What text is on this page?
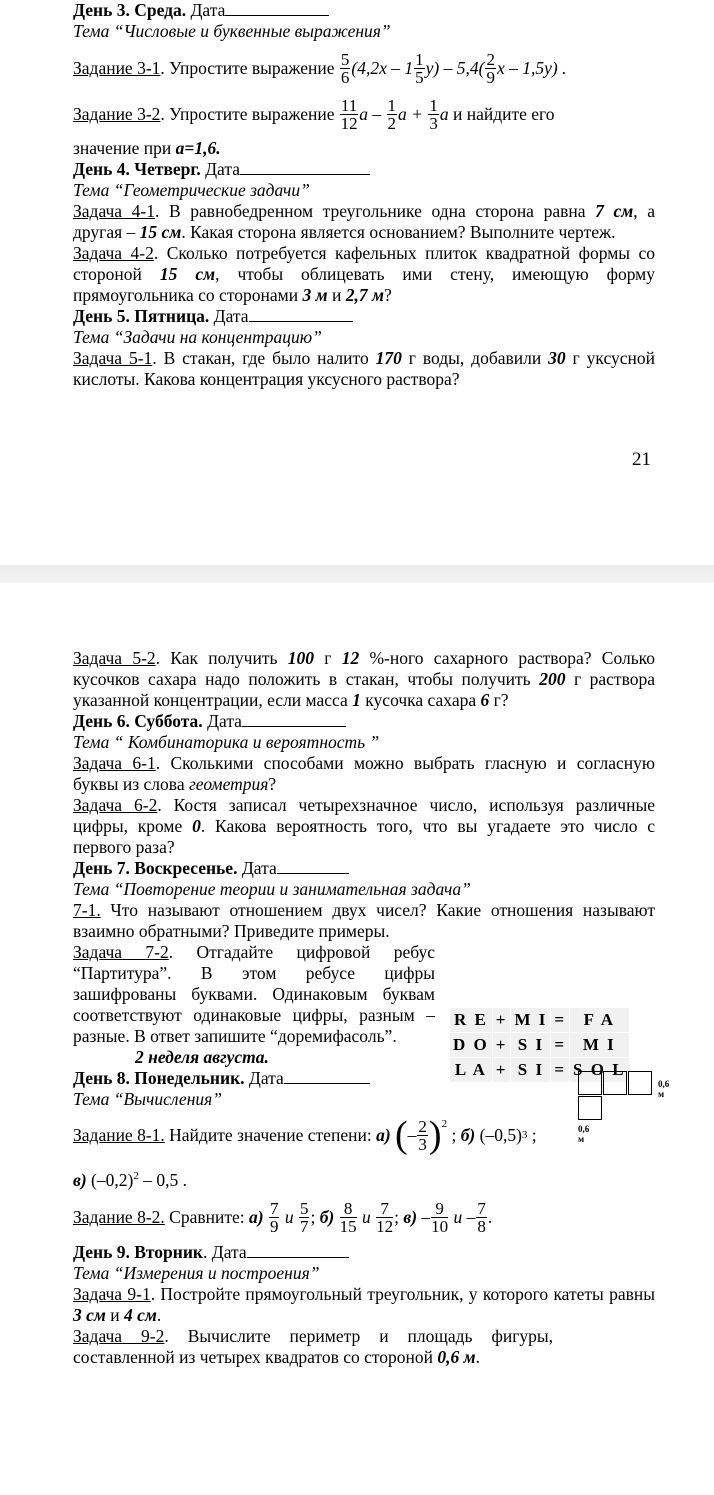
День 3. Среда. Дата
Тема “Числовые и буквенные выражения”
Задание 3-1 . Упростите выражение
$\frac{5}{6} (4,2x - 1 \frac{1}{5} y) - 5,4( \frac{2}{9}$ x – 1,5y) .
Задание 3-2 . Упростите выражение
$\frac{11}{12}$ a – $\frac{1}{2}$ $a + \frac{1}{3}$ a
и найдите его
значение при a=1,6.
День 4. Четверг. Дата
Тема “Геометрические задачи”
Задача 4-1. В равнобедренном треугольнике одна сторона равна 7 см, а другая – 15 см. Какая сторона является основанием? Выполните чертеж.
Задача 4-2. Сколько потребуется кафельных плиток квадратной формы со стороной 15 см, чтобы облицевать ими стену, имеющую форму прямоугольника со сторонами 3 м и 2,7 м?
День 5. Пятница. Дата
Тема “Задачи на концентрацию”
Задача 5-1. В стакан, где было налито 170 г воды, добавили 30 г уксусной кислоты. Какова концентрация уксусного раствора?
21
Задача 5-2. Как получить 100 г 12 %-ного сахарного раствора? Солько кусочков сахара надо положить в стакан, чтобы получить 200 г раствора указанной концентрации, если масса 1 кусочка сахара 6 г?
День 6. Суббота. Дата
Тема “ Комбинаторика и вероятность ”
Задача 6-1. Сколькими способами можно выбрать гласную и согласную буквы из слова геометрия?
Задача 6-2. Костя записал четырехзначное число, используя различные цифры, кроме 0. Какова вероятность того, что вы угадаете это число с первого раза?
День 7. Воскресенье. Дата
Тема “Повторение теории и занимательная задача”
7-1. Что называют отношением двух чисел? Какие отношения называют взаимно обратными? Приведите примеры.
Задача 7-2. Отгадайте цифровой ребус “Партитура”. В этом ребусе цифры зашифрованы буквами. Одинаковым буквам соответствуют одинаковые цифры, разным – разные. В ответ запишите “доремифасоль”.
2 неделя августа.
День 8. Понедельник. Дата
Тема “Вычисления”
Задание 8-1.
Найдите значение степени:
а)
( – $\frac{2}{3} )^2$
; б)
(–0,5) 3 ;
в) $(-0,2)^2 - 0,5$ .
Задание 8-2.
Сравните:
а)
$\frac{7}{9}$
и
$\frac{5}{7}$ ; б)
$\frac{8}{15}$
и
$\frac{7}{12}$ ; $в) - \frac{9}{10}$
и – $\frac{7}{8}$ .
День 9. Вторник. Дата
Тема “Измерения и построения”
Задача 9-1. Постройте прямоугольный треугольник, у которого катеты равны 3 см и 4 см.
Задача 9-2. Вычислите периметр и площадь фигуры, составленной из четырех квадратов со стороной 0,6 м.
R E	+	M I	=	F A
D O	+	S I	=	M I
L A	+	S I	=	S O L
0,6 м
0,6 м
